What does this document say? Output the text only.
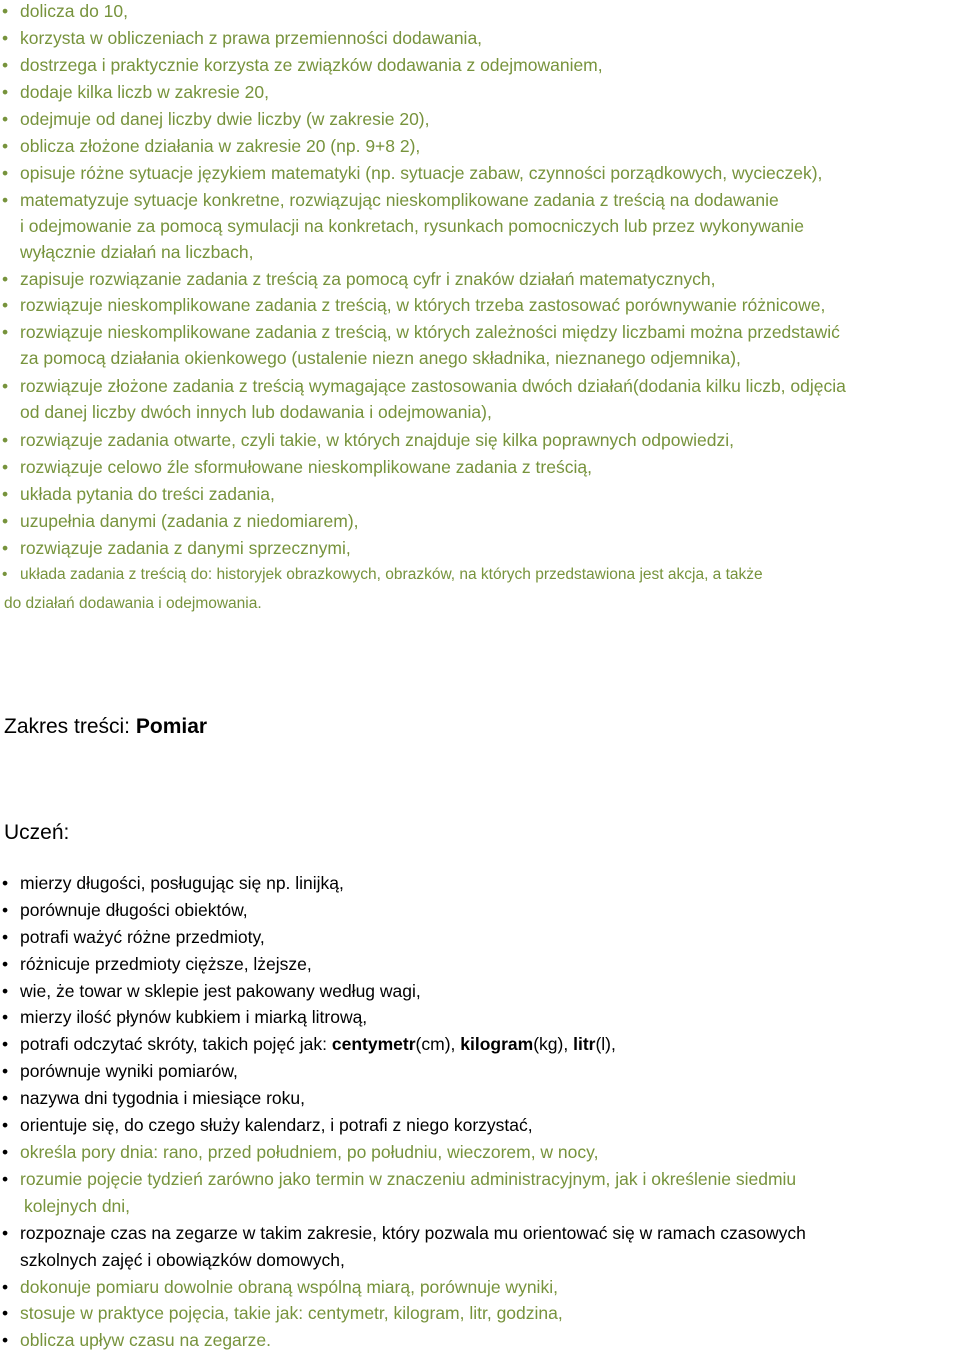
• dolicza do 10,
• korzysta w obliczeniach z prawa przemienności dodawania,
• dostrzega i praktycznie korzysta ze związków dodawania z odejmowaniem,
• dodaje kilka liczb w zakresie 20,
• odejmuje od danej liczby dwie liczby (w zakresie 20),
• oblicza złożone działania w zakresie 20 (np. 9+8 2),
• opisuje różne sytuacje językiem matematyki (np. sytuacje zabaw, czynności porządkowych, wycieczek),
• matematyzuje sytuacje konkretne, rozwiązując nieskomplikowane zadania z treścią na dodawanie
i odejmowanie za pomocą symulacji na konkretach, rysunkach pomocniczych lub przez wykonywanie
wyłącznie działań na liczbach,
• zapisuje rozwiązanie zadania z treścią za pomocą cyfr i znaków działań matematycznych,
• rozwiązuje nieskomplikowane zadania z treścią, w których trzeba zastosować porównywanie różnicowe,
• rozwiązuje nieskomplikowane zadania z treścią, w których zależności między liczbami można przedstawić
za pomocą działania okienkowego (ustalenie niezn anego składnika, nieznanego odjemnika),
• rozwiązuje złożone zadania z treścią wymagające zastosowania dwóch działań(dodania kilku liczb, odjęcia
od danej liczby dwóch innych lub dodawania i odejmowania),
• rozwiązuje zadania otwarte, czyli takie, w których znajduje się kilka poprawnych odpowiedzi,
• rozwiązuje celowo źle sformułowane nieskomplikowane zadania z treścią,
• układa pytania do treści zadania,
• uzupełnia danymi (zadania z niedomiarem),
• rozwiązuje zadania z danymi sprzecznymi,
• układa zadania z treścią do: historyjek obrazkowych, obrazków, na których przedstawiona jest akcja, a także
do działań dodawania i odejmowania.
Zakres treści: Pomiar
Uczeń:
• mierzy długości, posługując się np. linijką,
• porównuje długości obiektów,
• potrafi ważyć różne przedmioty,
• różnicuje przedmioty cięższe, lżejsze,
• wie, że towar w sklepie jest pakowany według wagi,
• mierzy ilość płynów kubkiem i miarką litrową,
• potrafi odczytać skróty, takich pojęć jak: centymetr(cm), kilogram(kg), litr(l),
• porównuje wyniki pomiarów,
• nazywa dni tygodnia i miesiące roku,
• orientuje się, do czego służy kalendarz, i potrafi z niego korzystać,
• określa pory dnia: rano, przed południem, po południu, wieczorem, w nocy,
• rozumie pojęcie tydzień zarówno jako termin w znaczeniu administracyjnym, jak i określenie siedmiu
kolejnych dni,
• rozpoznaje czas na zegarze w takim zakresie, który pozwala mu orientować się w ramach czasowych
szkolnych zajęć i obowiązków domowych,
• dokonuje pomiaru dowolnie obraną wspólną miarą, porównuje wyniki,
• stosuje w praktyce pojęcia, takie jak: centymetr, kilogram, litr, godzina,
• oblicza upływ czasu na zegarze.
